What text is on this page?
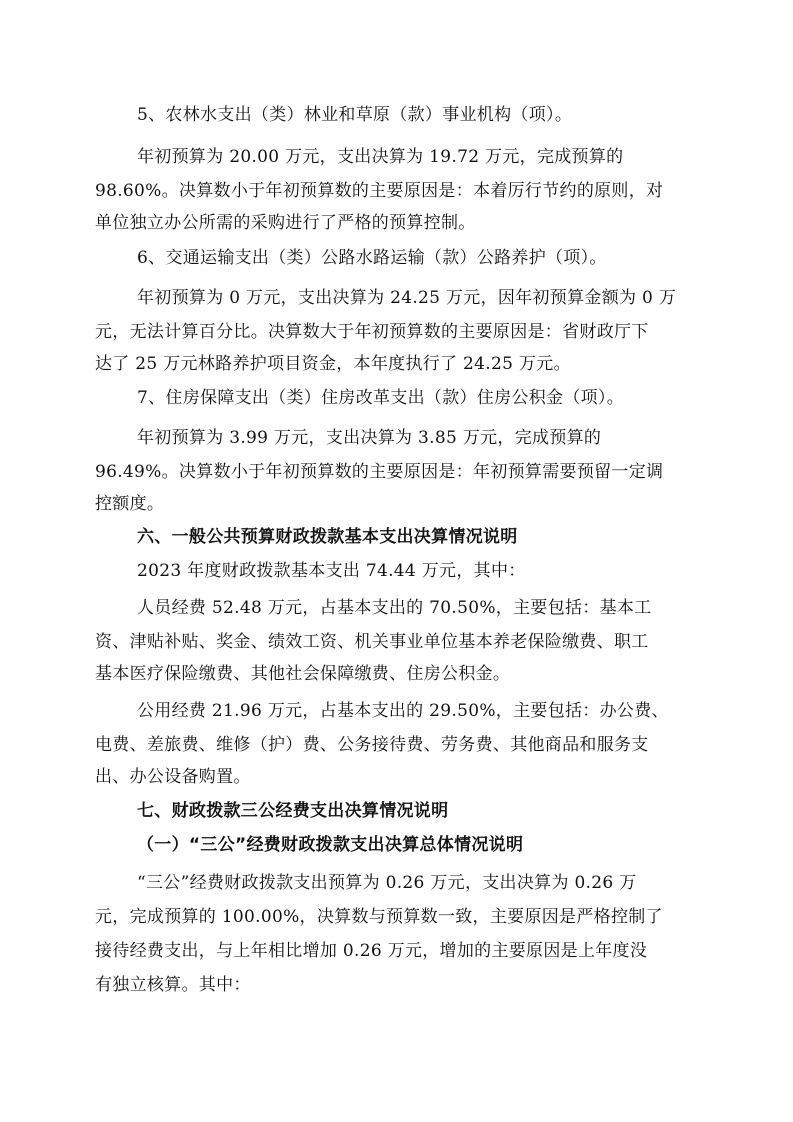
5、农林水支出（类）林业和草原（款）事业机构（项）。
年初预算为 20.00 万元，支出决算为 19.72 万元，完成预算的
98.60%。决算数小于年初预算数的主要原因是：本着厉行节约的原则，对
单位独立办公所需的采购进行了严格的预算控制。
6、交通运输支出（类）公路水路运输（款）公路养护（项）。
年初预算为 0 万元，支出决算为 24.25 万元，因年初预算金额为 0 万
元，无法计算百分比。决算数大于年初预算数的主要原因是：省财政厅下
达了 25 万元林路养护项目资金，本年度执行了 24.25 万元。
7、住房保障支出（类）住房改革支出（款）住房公积金（项）。
年初预算为 3.99 万元，支出决算为 3.85 万元，完成预算的
96.49%。决算数小于年初预算数的主要原因是：年初预算需要预留一定调
控额度。
六、一般公共预算财政拨款基本支出决算情况说明
2023 年度财政拨款基本支出 74.44 万元，其中：
人员经费 52.48 万元，占基本支出的 70.50%，主要包括：基本工
资、津贴补贴、奖金、绩效工资、机关事业单位基本养老保险缴费、职工
基本医疗保险缴费、其他社会保障缴费、住房公积金。
公用经费 21.96 万元，占基本支出的 29.50%，主要包括：办公费、
电费、差旅费、维修（护）费、公务接待费、劳务费、其他商品和服务支
出、办公设备购置。
七、财政拨款三公经费支出决算情况说明
（一）“三公”经费财政拨款支出决算总体情况说明
“三公”经费财政拨款支出预算为 0.26 万元，支出决算为 0.26 万
元，完成预算的 100.00%，决算数与预算数一致，主要原因是严格控制了
接待经费支出，与上年相比增加 0.26 万元，增加的主要原因是上年度没
有独立核算。其中：
